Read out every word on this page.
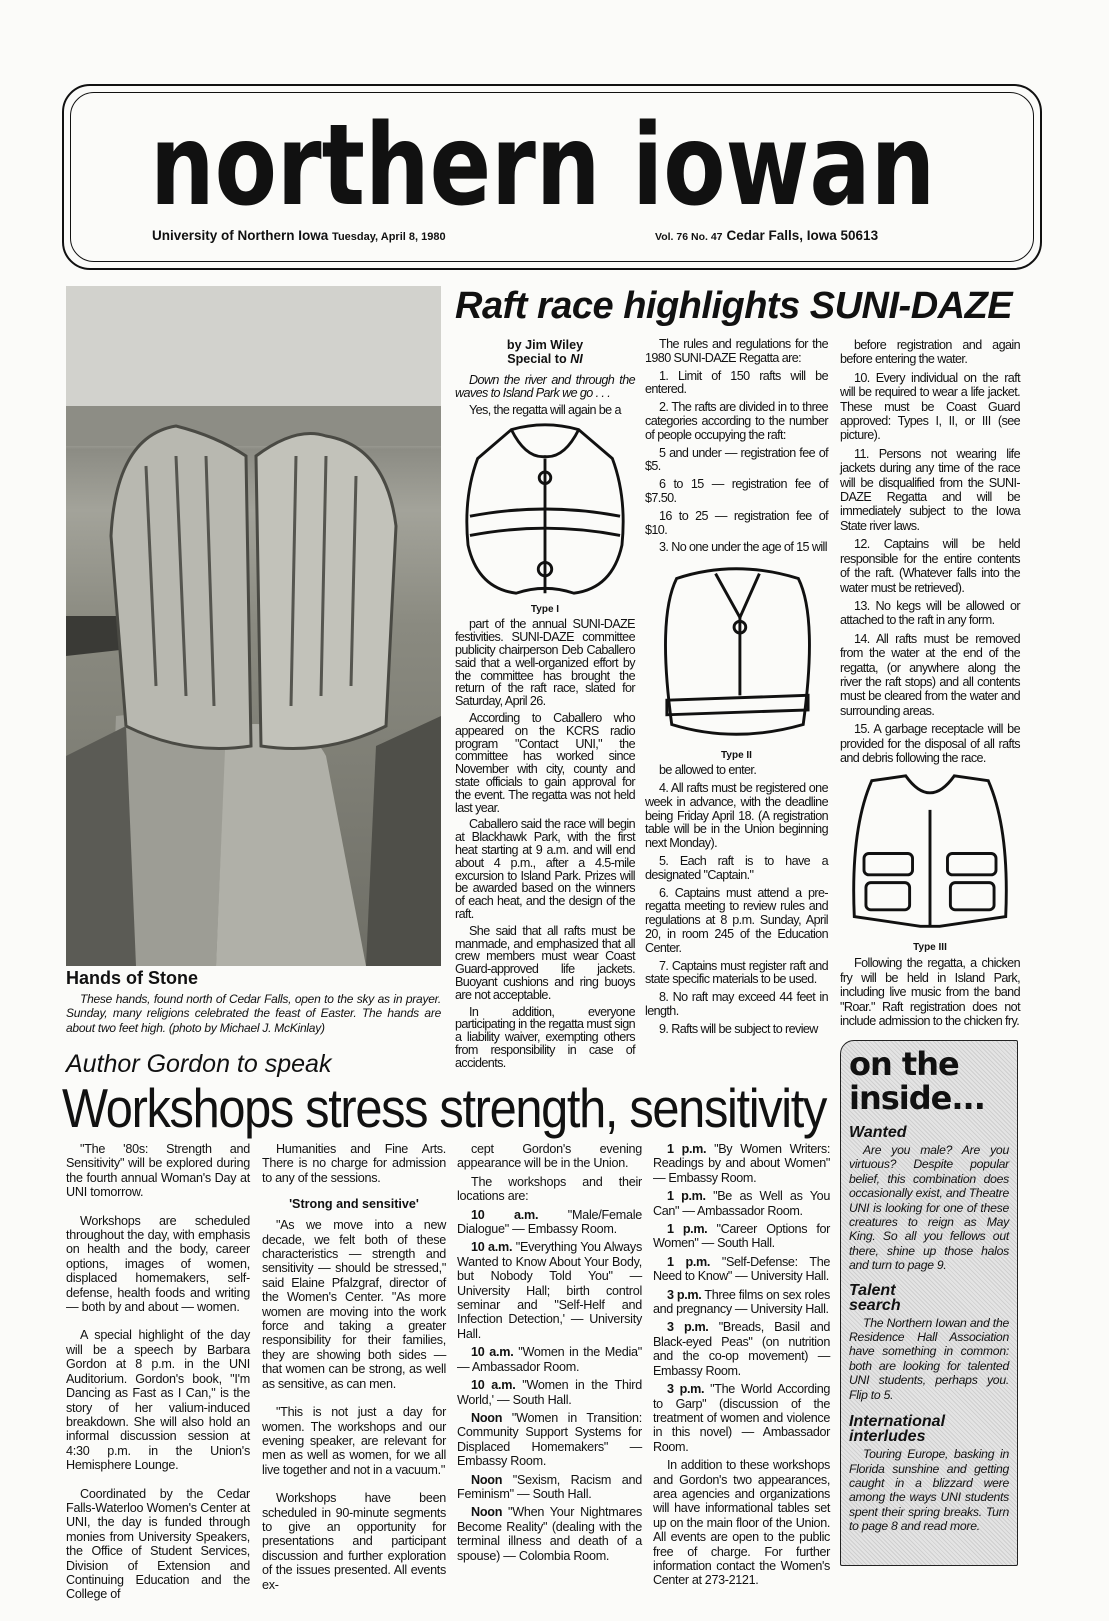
northern iowan
University of Northern Iowa Tuesday, April 8, 1980	Vol. 76 No. 47 Cedar Falls, Iowa 50613
Hands of Stone
These hands, found north of Cedar Falls, open to the sky as in prayer. Sunday, many religions celebrated the feast of Easter. The hands are about two feet high. (photo by Michael J. McKinlay)
Raft race highlights SUNI-DAZE
by Jim Wiley
Special to NI
Down the river and through the waves to Island Park we go . . .
Yes, the regatta will again be a
Type I
part of the annual SUNI-DAZE festivities. SUNI-DAZE committee publicity chairperson Deb Caballero said that a well-organized effort by the committee has brought the return of the raft race, slated for Saturday, April 26.
According to Caballero who appeared on the KCRS radio program "Contact UNI," the committee has worked since November with city, county and state officials to gain approval for the event. The regatta was not held last year.
Caballero said the race will begin at Blackhawk Park, with the first heat starting at 9 a.m. and will end about 4 p.m., after a 4.5-mile excursion to Island Park. Prizes will be awarded based on the winners of each heat, and the design of the raft.
She said that all rafts must be manmade, and emphasized that all crew members must wear Coast Guard-approved life jackets. Buoyant cushions and ring buoys are not acceptable.
In addition, everyone participating in the regatta must sign a liability waiver, exempting others from responsibility in case of accidents.
The rules and regulations for the 1980 SUNI-DAZE Regatta are:
1. Limit of 150 rafts will be entered.
2. The rafts are divided in to three categories according to the number of people occupying the raft:
5 and under — registration fee of $5.
6 to 15 — registration fee of $7.50.
16 to 25 — registration fee of $10.
3. No one under the age of 15 will
Type II
be allowed to enter.
4. All rafts must be registered one week in advance, with the deadline being Friday April 18. (A registration table will be in the Union beginning next Monday).
5. Each raft is to have a designated "Captain."
6. Captains must attend a pre-regatta meeting to review rules and regulations at 8 p.m. Sunday, April 20, in room 245 of the Education Center.
7. Captains must register raft and state specific materials to be used.
8. No raft may exceed 44 feet in length.
9. Rafts will be subject to review
before registration and again before entering the water.
10. Every individual on the raft will be required to wear a life jacket. These must be Coast Guard approved: Types I, II, or III (see picture).
11. Persons not wearing life jackets during any time of the race will be disqualified from the SUNI-DAZE Regatta and will be immediately subject to the Iowa State river laws.
12. Captains will be held responsible for the entire contents of the raft. (Whatever falls into the water must be retrieved).
13. No kegs will be allowed or attached to the raft in any form.
14. All rafts must be removed from the water at the end of the regatta, (or anywhere along the river the raft stops) and all contents must be cleared from the water and surrounding areas.
15. A garbage receptacle will be provided for the disposal of all rafts and debris following the race.
Type III
Following the regatta, a chicken fry will be held in Island Park, including live music from the band "Roar." Raft registration does not include admission to the chicken fry.
Author Gordon to speak
Workshops stress strength, sensitivity
"The '80s: Strength and Sensitivity" will be explored during the fourth annual Woman's Day at UNI tomorrow.
Workshops are scheduled throughout the day, with emphasis on health and the body, career options, images of women, displaced homemakers, self-defense, health foods and writing — both by and about — women.
A special highlight of the day will be a speech by Barbara Gordon at 8 p.m. in the UNI Auditorium. Gordon's book, "I'm Dancing as Fast as I Can," is the story of her valium-induced breakdown. She will also hold an informal discussion session at 4:30 p.m. in the Union's Hemisphere Lounge.
Coordinated by the Cedar Falls-Waterloo Women's Center at UNI, the day is funded through monies from University Speakers, the Office of Student Services, Division of Extension and Continuing Education and the College of
Humanities and Fine Arts. There is no charge for admission to any of the sessions.
'Strong and sensitive'
"As we move into a new decade, we felt both of these characteristics — strength and sensitivity — should be stressed," said Elaine Pfalzgraf, director of the Women's Center. "As more women are moving into the work force and taking a greater responsibility for their families, they are showing both sides — that women can be strong, as well as sensitive, as can men.
"This is not just a day for women. The workshops and our evening speaker, are relevant for men as well as women, for we all live together and not in a vacuum."
Workshops have been scheduled in 90-minute segments to give an opportunity for presentations and participant discussion and further exploration of the issues presented. All events ex-
cept Gordon's evening appearance will be in the Union.
The workshops and their locations are:
10 a.m. "Male/Female Dialogue" — Embassy Room.
10 a.m. "Everything You Always Wanted to Know About Your Body, but Nobody Told You" — University Hall; birth control seminar and "Self-Helf and Infection Detection,' — University Hall.
10 a.m. "Women in the Media" — Ambassador Room.
10 a.m. "Women in the Third World,' — South Hall.
Noon "Women in Transition: Community Support Systems for Displaced Homemakers" — Embassy Room.
Noon "Sexism, Racism and Feminism" — South Hall.
Noon "When Your Nightmares Become Reality" (dealing with the terminal illness and death of a spouse) — Colombia Room.
1 p.m. "By Women Writers: Readings by and about Women" — Embassy Room.
1 p.m. "Be as Well as You Can" — Ambassador Room.
1 p.m. "Career Options for Women" — South Hall.
1 p.m. "Self-Defense: The Need to Know" — University Hall.
3 p.m. Three films on sex roles and pregnancy — University Hall.
3 p.m. "Breads, Basil and Black-eyed Peas" (on nutrition and the co-op movement) — Embassy Room.
3 p.m. "The World According to Garp" (discussion of the treatment of women and violence in this novel) — Ambassador Room.
In addition to these workshops and Gordon's two appearances, area agencies and organizations will have informational tables set up on the main floor of the Union. All events are open to the public free of charge. For further information contact the Women's Center at 273-2121.
on the
inside...
Wanted
Are you male? Are you virtuous? Despite popular belief, this combination does occasionally exist, and Theatre UNI is looking for one of these creatures to reign as May King. So all you fellows out there, shine up those halos and turn to page 9.
Talent search
The Northern Iowan and the Residence Hall Association have something in common: both are looking for talented UNI students, perhaps you. Flip to 5.
International interludes
Touring Europe, basking in Florida sunshine and getting caught in a blizzard were among the ways UNI students spent their spring breaks. Turn to page 8 and read more.
